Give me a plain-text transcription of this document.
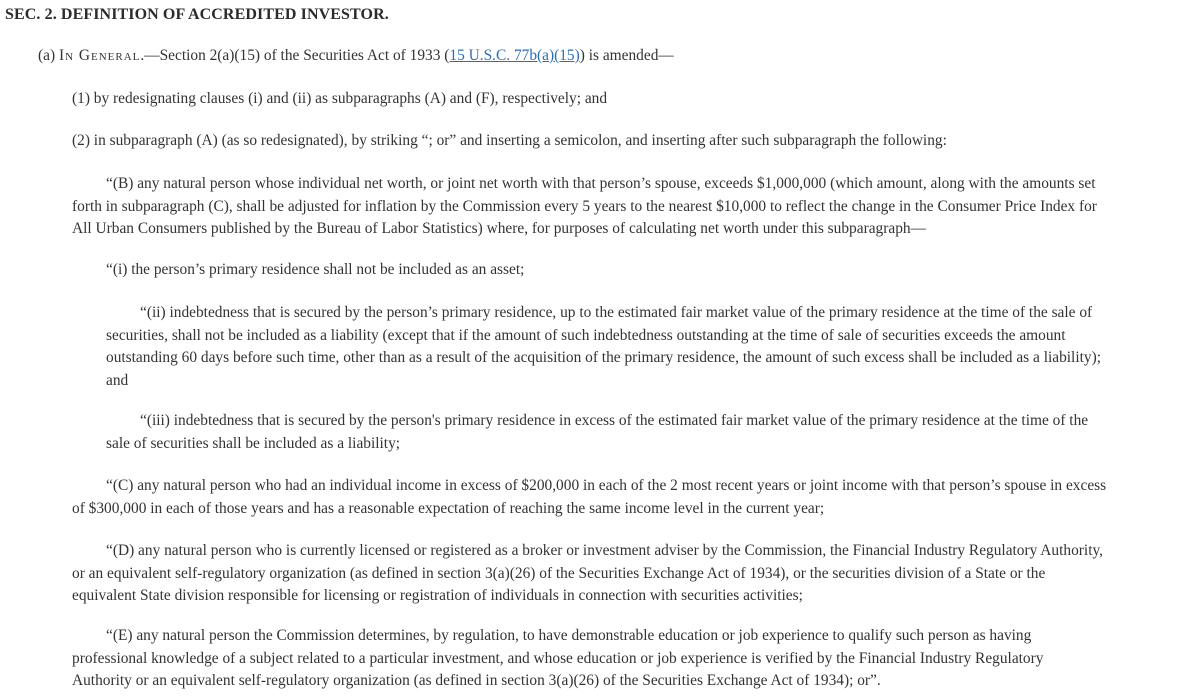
SEC. 2. DEFINITION OF ACCREDITED INVESTOR.

(a) In General.—Section 2(a)(15) of the Securities Act of 1933 (15 U.S.C. 77b(a)(15)) is amended—

(1) by redesignating clauses (i) and (ii) as subparagraphs (A) and (F), respectively; and

(2) in subparagraph (A) (as so redesignated), by striking “; or” and inserting a semicolon, and inserting after such subparagraph the following:

“(B) any natural person whose individual net worth, or joint net worth with that person’s spouse, exceeds $1,000,000 (which amount, along with the amounts set
forth in subparagraph (C), shall be adjusted for inflation by the Commission every 5 years to the nearest $10,000 to reflect the change in the Consumer Price Index for
All Urban Consumers published by the Bureau of Labor Statistics) where, for purposes of calculating net worth under this subparagraph—

“(i) the person’s primary residence shall not be included as an asset;

“(ii) indebtedness that is secured by the person’s primary residence, up to the estimated fair market value of the primary residence at the time of the sale of
securities, shall not be included as a liability (except that if the amount of such indebtedness outstanding at the time of sale of securities exceeds the amount
outstanding 60 days before such time, other than as a result of the acquisition of the primary residence, the amount of such excess shall be included as a liability);
and
“(iii) indebtedness that is secured by the person's primary residence in excess of the estimated fair market value of the primary residence at the time of the
sale of securities shall be included as a liability;
“(C) any natural person who had an individual income in excess of $200,000 in each of the 2 most recent years or joint income with that person’s spouse in excess
of $300,000 in each of those years and has a reasonable expectation of reaching the same income level in the current year;
“(D) any natural person who is currently licensed or registered as a broker or investment adviser by the Commission, the Financial Industry Regulatory Authority,
or an equivalent self-regulatory organization (as defined in section 3(a)(26) of the Securities Exchange Act of 1934), or the securities division of a State or the
equivalent State division responsible for licensing or registration of individuals in connection with securities activities;
“(E) any natural person the Commission determines, by regulation, to have demonstrable education or job experience to qualify such person as having
professional knowledge of a subject related to a particular investment, and whose education or job experience is verified by the Financial Industry Regulatory
Authority or an equivalent self-regulatory organization (as defined in section 3(a)(26) of the Securities Exchange Act of 1934); or”.
